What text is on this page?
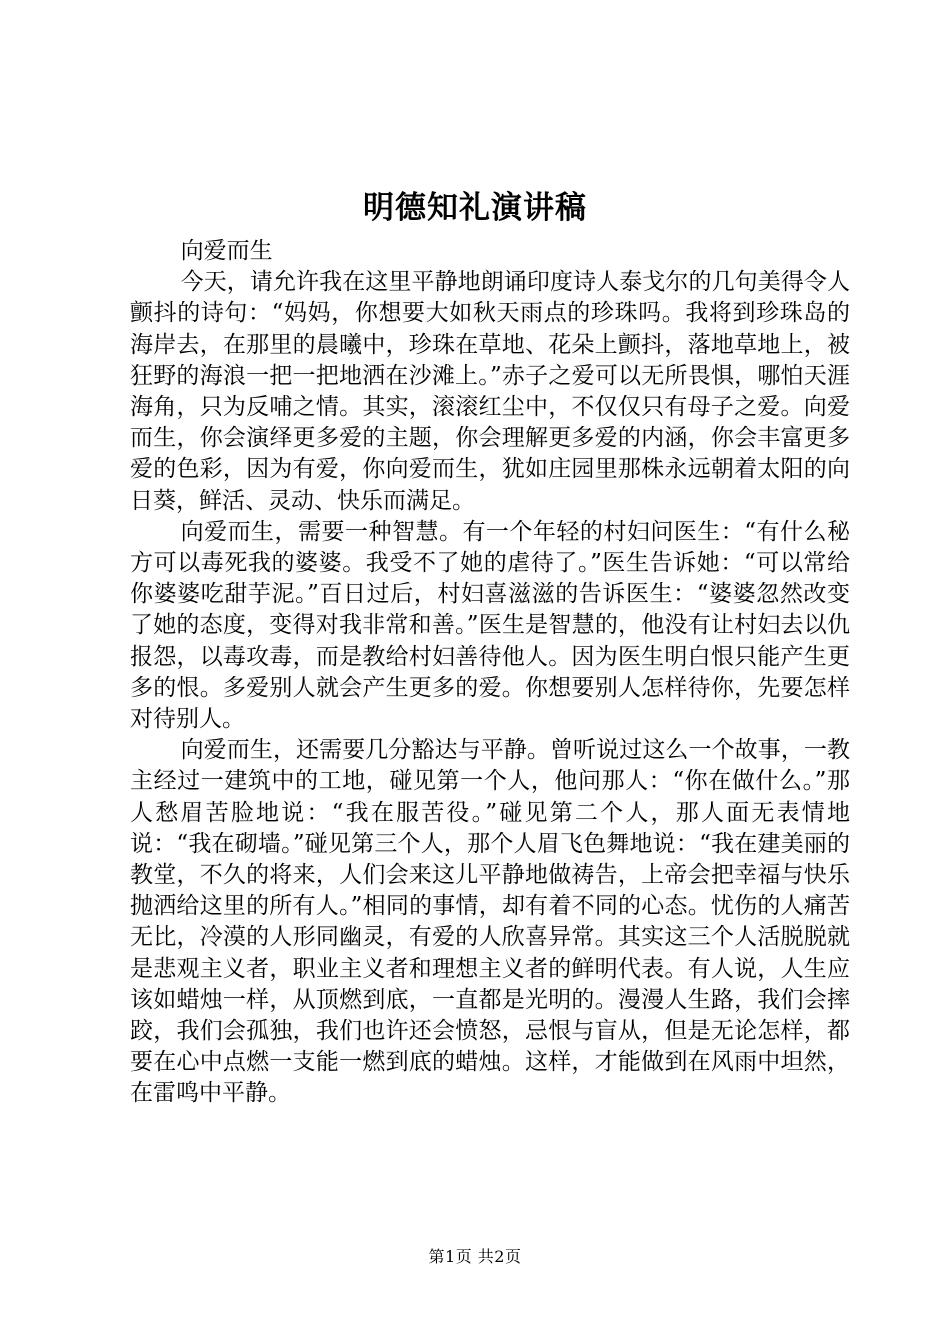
明德知礼演讲稿

向爱而生

今天，请允许我在这里平静地朗诵印度诗人泰戈尔的几句美得令人颤抖的诗句：“妈妈，你想要大如秋天雨点的珍珠吗。我将到珍珠岛的海岸去，在那里的晨曦中，珍珠在草地、花朵上颤抖，落地草地上，被狂野的海浪一把一把地洒在沙滩上。”赤子之爱可以无所畏惧，哪怕天涯海角，只为反哺之情。其实，滚滚红尘中，不仅仅只有母子之爱。向爱而生，你会演绎更多爱的主题，你会理解更多爱的内涵，你会丰富更多爱的色彩，因为有爱，你向爱而生，犹如庄园里那株永远朝着太阳的向日葵，鲜活、灵动、快乐而满足。

向爱而生，需要一种智慧。有一个年轻的村妇问医生：“有什么秘方可以毒死我的婆婆。我受不了她的虐待了。”医生告诉她：“可以常给你婆婆吃甜芋泥。”百日过后，村妇喜滋滋的告诉医生：“婆婆忽然改变了她的态度，变得对我非常和善。”医生是智慧的，他没有让村妇去以仇报怨，以毒攻毒，而是教给村妇善待他人。因为医生明白恨只能产生更多的恨。多爱别人就会产生更多的爱。你想要别人怎样待你，先要怎样对待别人。

向爱而生，还需要几分豁达与平静。曾听说过这么一个故事，一教主经过一建筑中的工地，碰见第一个人，他问那人：“你在做什么。”那人愁眉苦脸地说：“我在服苦役。”碰见第二个人，那人面无表情地说：“我在砌墙。”碰见第三个人，那个人眉飞色舞地说：“我在建美丽的教堂，不久的将来，人们会来这儿平静地做祷告，上帝会把幸福与快乐抛洒给这里的所有人。”相同的事情，却有着不同的心态。忧伤的人痛苦无比，冷漠的人形同幽灵，有爱的人欣喜异常。其实这三个人活脱脱就是悲观主义者，职业主义者和理想主义者的鲜明代表。有人说，人生应该如蜡烛一样，从顶燃到底，一直都是光明的。漫漫人生路，我们会摔跤，我们会孤独，我们也许还会愤怒，忌恨与盲从，但是无论怎样，都要在心中点燃一支能一燃到底的蜡烛。这样，才能做到在风雨中坦然，在雷鸣中平静。

第1页 共2页
